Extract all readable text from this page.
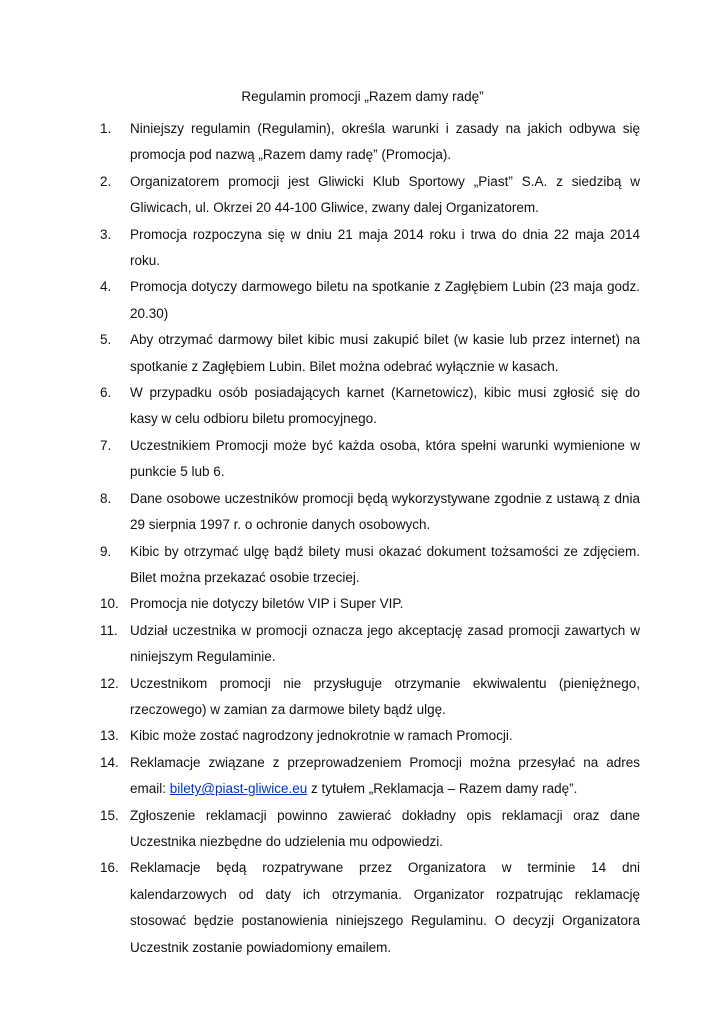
Regulamin promocji „Razem damy radę”
1.	Niniejszy regulamin (Regulamin), określa warunki i zasady na jakich odbywa się promocja pod nazwą „Razem damy radę” (Promocja).
2.	Organizatorem promocji jest Gliwicki Klub Sportowy „Piast” S.A. z siedzibą w Gliwicach, ul. Okrzei 20 44-100 Gliwice, zwany dalej Organizatorem.
3.	Promocja rozpoczyna się w dniu 21 maja 2014 roku i trwa do dnia 22 maja 2014 roku.
4.	Promocja dotyczy darmowego biletu na spotkanie z Zagłębiem Lubin (23 maja godz. 20.30)
5.	Aby otrzymać darmowy bilet kibic musi zakupić bilet (w kasie lub przez internet) na spotkanie z Zagłębiem Lubin. Bilet można odebrać wyłącznie w kasach.
6.	W przypadku osób posiadających karnet (Karnetowicz), kibic musi zgłosić się do kasy w celu odbioru biletu promocyjnego.
7.	Uczestnikiem Promocji może być każda osoba, która spełni warunki wymienione w punkcie 5 lub 6.
8.	Dane osobowe uczestników promocji będą wykorzystywane zgodnie z ustawą z dnia 29 sierpnia 1997 r. o ochronie danych osobowych.
9.	Kibic by otrzymać ulgę bądź bilety musi okazać dokument tożsamości ze zdjęciem. Bilet można przekazać osobie trzeciej.
10. Promocja nie dotyczy biletów VIP i Super VIP.
11. Udział uczestnika w promocji oznacza jego akceptację zasad promocji zawartych w niniejszym Regulaminie.
12. Uczestnikom promocji nie przysługuje otrzymanie ekwiwalentu (pieniężnego, rzeczowego) w zamian za darmowe bilety bądź ulgę.
13. Kibic może zostać nagrodzony jednokrotnie w ramach Promocji.
14. Reklamacje związane z przeprowadzeniem Promocji można przesyłać na adres email: bilety@piast-gliwice.eu z tytułem „Reklamacja – Razem damy radę”.
15. Zgłoszenie reklamacji powinno zawierać dokładny opis reklamacji oraz dane Uczestnika niezbędne do udzielenia mu odpowiedzi.
16. Reklamacje będą rozpatrywane przez Organizatora w terminie 14 dni kalendarzowych od daty ich otrzymania. Organizator rozpatrując reklamację stosować będzie postanowienia niniejszego Regulaminu. O decyzji Organizatora Uczestnik zostanie powiadomiony emailem.
